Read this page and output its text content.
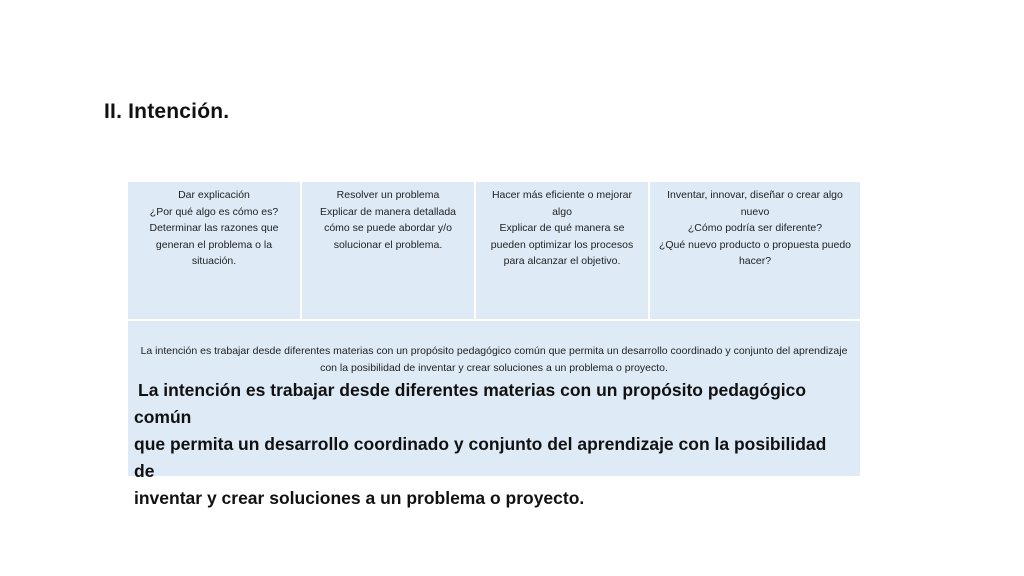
II. Intención.
Dar explicación
¿Por qué algo es cómo es?
Determinar las razones que
generan el problema o la
situación.
Resolver un problema
Explicar de manera detallada
cómo se puede abordar y/o
solucionar el problema.
Hacer más eficiente o mejorar
algo
Explicar de qué manera se
pueden optimizar los procesos
para alcanzar el objetivo.
Inventar, innovar, diseñar o crear algo
nuevo
¿Cómo podría ser diferente?
¿Qué nuevo producto o propuesta puedo
hacer?
La intención es trabajar desde diferentes materias con un propósito pedagógico común que permita un desarrollo coordinado y conjunto del aprendizaje
con la posibilidad de inventar y crear soluciones a un problema o proyecto.
La intención es trabajar desde diferentes materias con un propósito pedagógico común
que permita un desarrollo coordinado y conjunto del aprendizaje con la posibilidad de
inventar y crear soluciones a un problema o proyecto.
